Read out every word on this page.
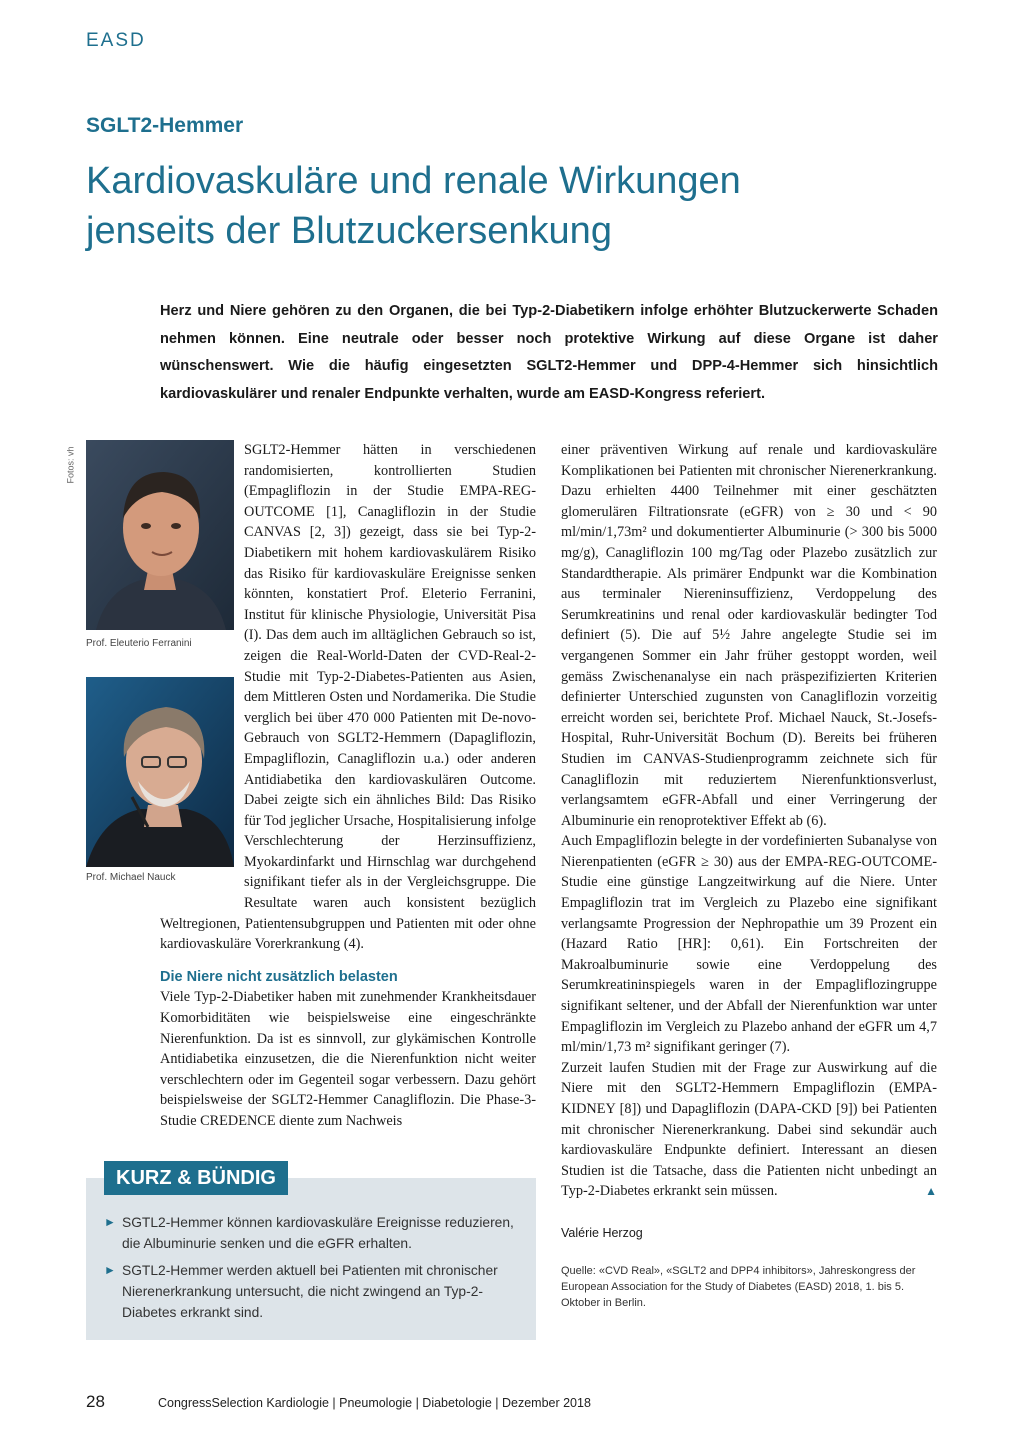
EASD
SGLT2-Hemmer
Kardiovaskuläre und renale Wirkungen
jenseits der Blutzuckersenkung
Herz und Niere gehören zu den Organen, die bei Typ-2-Diabetikern infolge erhöhter Blutzuckerwerte Schaden nehmen können. Eine neutrale oder besser noch protektive Wirkung auf diese Organe ist daher wünschenswert. Wie die häufig eingesetzten SGLT2-Hemmer und DPP-4-Hemmer sich hinsichtlich kardiovaskulärer und renaler Endpunkte verhalten, wurde am EASD-Kongress referiert.
Fotos: vh
Prof. Eleuterio Ferranini
Prof. Michael Nauck

SGLT2-Hemmer hätten in verschiedenen randomisierten, kontrollierten Studien (Empagliflozin in der Studie EMPA-REG-OUTCOME [1], Canagliflozin in der Studie CANVAS [2, 3]) gezeigt, dass sie bei Typ-2-Diabetikern mit hohem kardiovaskulärem Risiko das Risiko für kardiovaskuläre Ereignisse senken könnten, konstatiert Prof. Eleterio Ferranini, Institut für klinische Physiologie, Universität Pisa (I). Das dem auch im alltäglichen Gebrauch so ist, zeigen die Real-World-Daten der CVD-Real-2-Studie mit Typ-2-Diabetes-Patienten aus Asien, dem Mittleren Osten und Nordamerika. Die Studie verglich bei über 470 000 Patienten mit De-novo-Gebrauch von SGLT2-Hemmern (Dapagliflozin, Empagliflozin, Canagliflozin u.a.) oder anderen Antidiabetika den kardiovaskulären Outcome. Dabei zeigte sich ein ähnliches Bild: Das Risiko für Tod jeglicher Ursache, Hospitalisierung infolge Verschlechterung der Herzinsuffizienz, Myokardinfarkt und Hirnschlag war durchgehend signifikant tiefer als in der Vergleichsgruppe. Die Resultate waren auch konsistent bezüglich Weltregionen, Patientensubgruppen und Patienten mit oder ohne kardiovaskuläre Vorerkrankung (4).

Die Niere nicht zusätzlich belasten

Viele Typ-2-Diabetiker haben mit zunehmender Krankheitsdauer Komorbiditäten wie beispielsweise eine eingeschränkte Nierenfunktion. Da ist es sinnvoll, zur glykämischen Kontrolle Antidiabetika einzusetzen, die die Nierenfunktion nicht weiter verschlechtern oder im Gegenteil sogar verbessern. Dazu gehört beispielsweise der SGLT2-Hemmer Canagliflozin. Die Phase-3-Studie CREDENCE diente zum Nachweis

einer präventiven Wirkung auf renale und kardiovaskuläre Komplikationen bei Patienten mit chronischer Nierenerkrankung. Dazu erhielten 4400 Teilnehmer mit einer geschätzten glomerulären Filtrationsrate (eGFR) von ≥ 30 und < 90 ml/min/1,73m² und dokumentierter Albuminurie (> 300 bis 5000 mg/g), Canagliflozin 100 mg/Tag oder Plazebo zusätzlich zur Standardtherapie. Als primärer Endpunkt war die Kombination aus terminaler Niereninsuffizienz, Verdoppelung des Serumkreatinins und renal oder kardiovaskulär bedingter Tod definiert (5). Die auf 5½ Jahre angelegte Studie sei im vergangenen Sommer ein Jahr früher gestoppt worden, weil gemäss Zwischenanalyse ein nach präspezifizierten Kriterien definierter Unterschied zugunsten von Canagliflozin vorzeitig erreicht worden sei, berichtete Prof. Michael Nauck, St.-Josefs-Hospital, Ruhr-Universität Bochum (D). Bereits bei früheren Studien im CANVAS-Studienprogramm zeichnete sich für Canagliflozin mit reduziertem Nierenfunktionsverlust, verlangsamtem eGFR-Abfall und einer Verringerung der Albuminurie ein renoprotektiver Effekt ab (6).

Auch Empagliflozin belegte in der vordefinierten Subanalyse von Nierenpatienten (eGFR ≥ 30) aus der EMPA-REG-OUTCOME-Studie eine günstige Langzeitwirkung auf die Niere. Unter Empagliflozin trat im Vergleich zu Plazebo eine signifikant verlangsamte Progression der Nephropathie um 39 Prozent ein (Hazard Ratio [HR]: 0,61). Ein Fortschreiten der Makroalbuminurie sowie eine Verdoppelung des Serumkreatininspiegels waren in der Empagliflozingruppe signifikant seltener, und der Abfall der Nierenfunktion war unter Empagliflozin im Vergleich zu Plazebo anhand der eGFR um 4,7 ml/min/1,73 m² signifikant geringer (7).

Zurzeit laufen Studien mit der Frage zur Auswirkung auf die Niere mit den SGLT2-Hemmern Empagliflozin (EMPA-KIDNEY [8]) und Dapagliflozin (DAPA-CKD [9]) bei Patienten mit chronischer Nierenerkrankung. Dabei sind sekundär auch kardiovaskuläre Endpunkte definiert. Interessant an diesen Studien ist die Tatsache, dass die Patienten nicht unbedingt an Typ-2-Diabetes erkrankt sein müssen.	▲

Valérie Herzog
Quelle: «CVD Real», «SGLT2 and DPP4 inhibitors», Jahreskongress der European Association for the Study of Diabetes (EASD) 2018, 1. bis 5. Oktober in Berlin.
► SGTL2-Hemmer können kardiovaskuläre Ereignisse reduzieren, die Albuminurie senken und die eGFR erhalten.
► SGTL2-Hemmer werden aktuell bei Patienten mit chronischer Nierenerkrankung untersucht, die nicht zwingend an Typ-2-Diabetes erkrankt sind.
KURZ & BÜNDIG
28	CongressSelection Kardiologie | Pneumologie | Diabetologie | Dezember 2018
